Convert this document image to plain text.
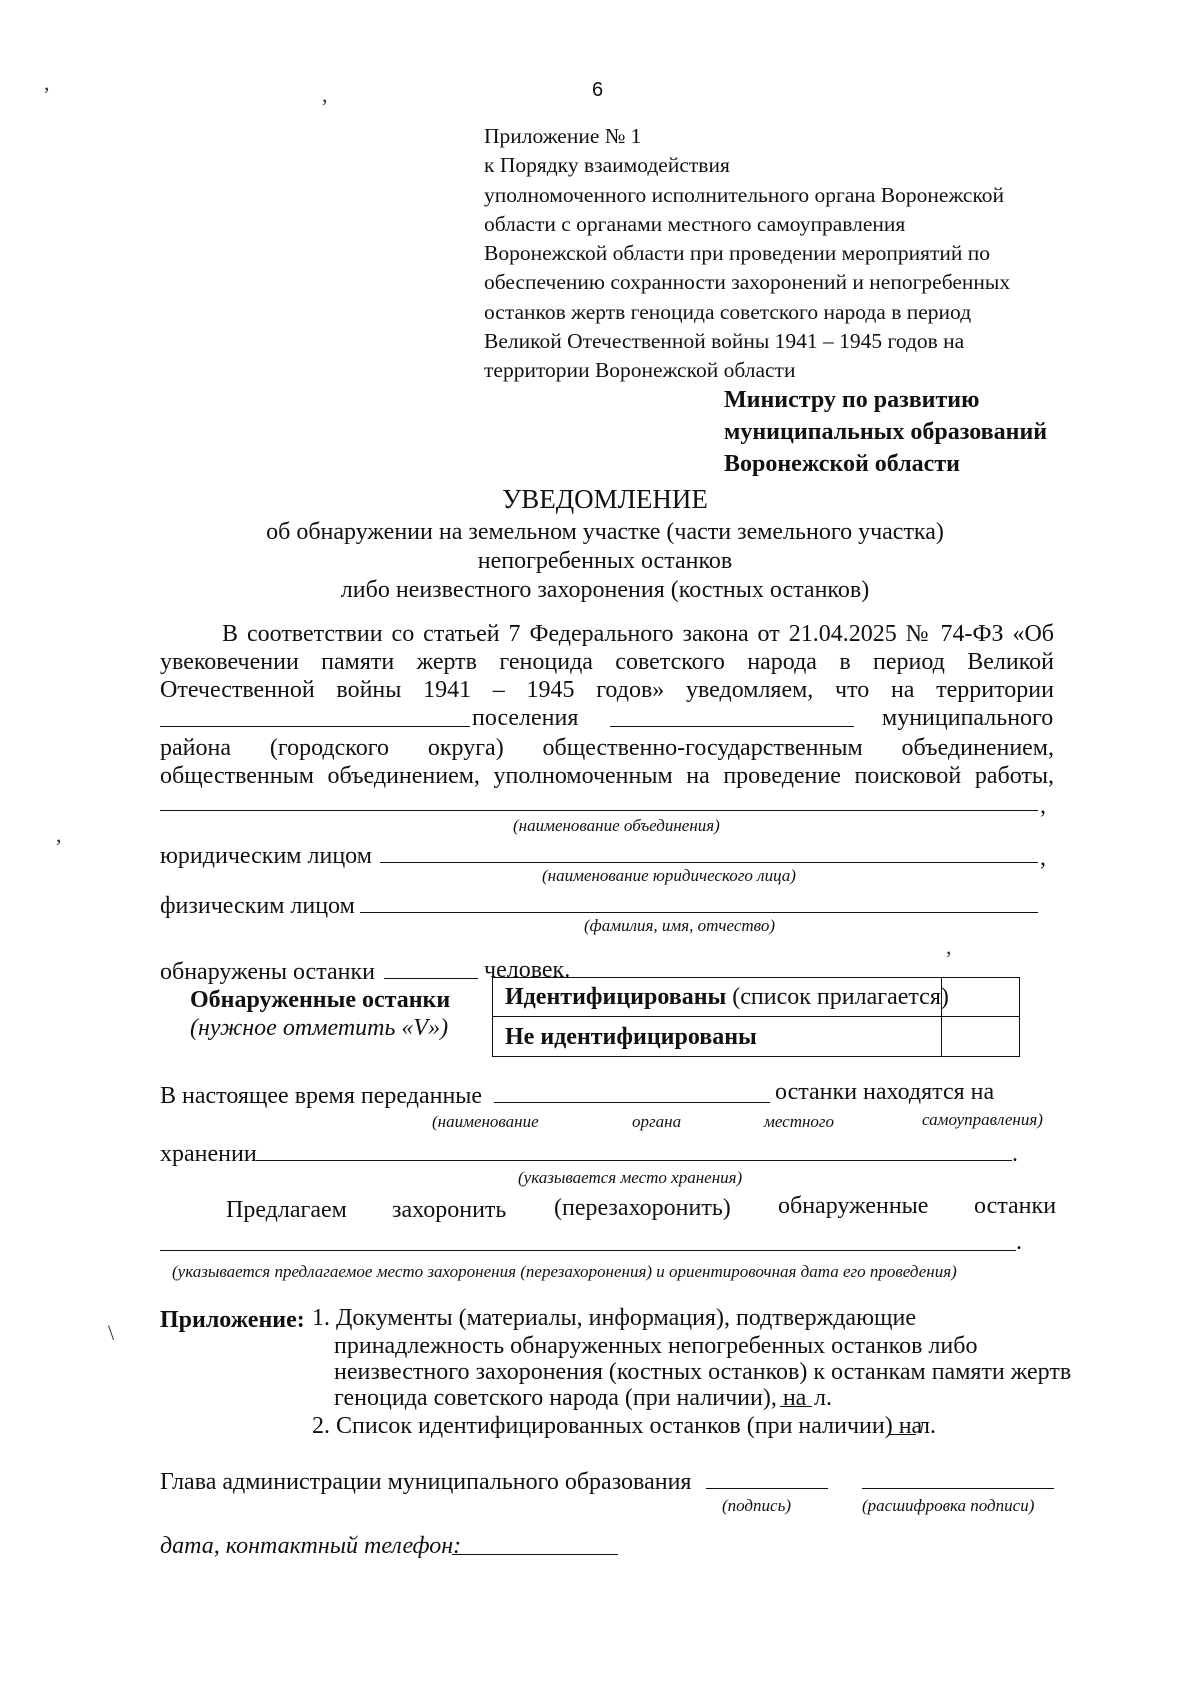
6
,	,
,
,
\
Приложение № 1
к Порядку взаимодействия
уполномоченного исполнительного органа Воронежской
области с органами местного самоуправления
Воронежской области при проведении мероприятий по
обеспечению сохранности захоронений и непогребенных
останков жертв геноцида советского народа в период
Великой Отечественной войны 1941 – 1945 годов на
территории Воронежской области
Министру по развитию
муниципальных образований
Воронежской области
УВЕДОМЛЕНИЕ
об обнаружении на земельном участке (части земельного участка)
непогребенных останков
либо неизвестного захоронения (костных останков)
В соответствии со статьей 7 Федерального закона от 21.04.2025 № 74-ФЗ «Об
увековечении памяти жертв геноцида советского народа в период Великой
Отечественной войны 1941 – 1945 годов» уведомляем, что на территории
поселения	муниципального
района (городского округа) общественно-государственным объединением,
общественным объединением, уполномоченным на проведение поисковой работы,
,
(наименование объединения)
юридическим лицом	,
(наименование юридического лица)
физическим лицом
(фамилия, имя, отчество)
обнаружены останки	человек.
Обнаруженные останки
(нужное отметить «V»)
Идентифицированы (список прилагается)
Не идентифицированы
В настоящее время переданные	останки находятся на
(наименование	органа	местного	самоуправления)
хранении	.
(указывается место хранения)
Предлагаем захоронить (перезахоронить) обнаруженные останки
.
(указывается предлагаемое место захоронения (перезахоронения) и ориентировочная дата его проведения)
Приложение: 1. Документы (материалы, информация), подтверждающие
принадлежность обнаруженных непогребенных останков либо
неизвестного захоронения (костных останков) к останкам памяти жертв
геноцида советского народа (при наличии), на л.
2. Список идентифицированных останков (при наличии) на
л.
Глава администрации муниципального образования
(подпись)	(расшифровка подписи)
дата, контактный телефон:
